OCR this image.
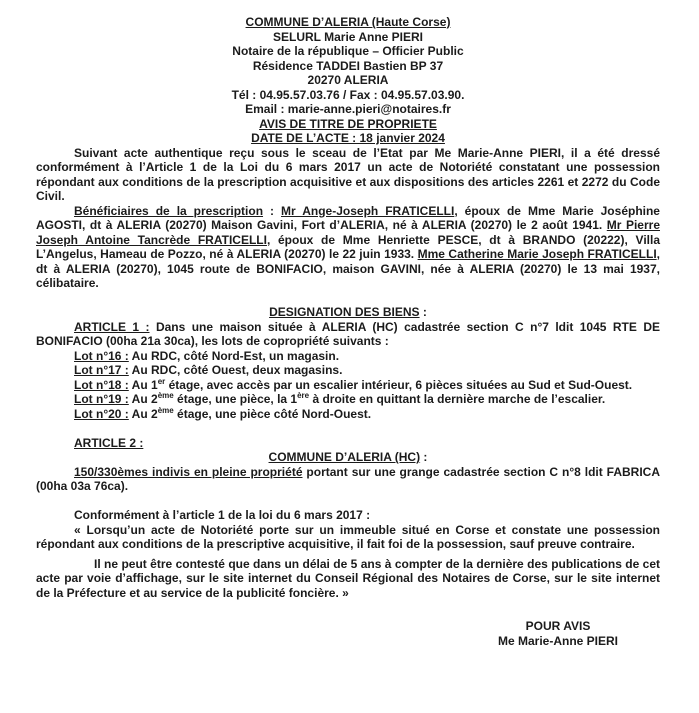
COMMUNE D’ALERIA (Haute Corse)
SELURL Marie Anne PIERI
Notaire de la république – Officier Public
Résidence TADDEI Bastien BP 37
20270 ALERIA
Tél : 04.95.57.03.76 / Fax : 04.95.57.03.90.
Email : marie-anne.pieri@notaires.fr
AVIS DE TITRE DE PROPRIETE
DATE DE L’ACTE : 18 janvier 2024

Suivant acte authentique reçu sous le sceau de l’Etat par Me Marie-Anne PIERI, il a été dressé conformément à l’Article 1 de la Loi du 6 mars 2017 un acte de Notoriété constatant une possession répondant aux conditions de la prescription acquisitive et aux dispositions des articles 2261 et 2272 du Code Civil.

Bénéficiaires de la prescription : Mr Ange-Joseph FRATICELLI, époux de Mme Marie Joséphine AGOSTI, dt à ALERIA (20270) Maison Gavini, Fort d’ALERIA, né à ALERIA (20270) le 2 août 1941. Mr Pierre Joseph Antoine Tancrède FRATICELLI, époux de Mme Henriette PESCE, dt à BRANDO (20222), Villa L’Angelus, Hameau de Pozzo, né à ALERIA (20270) le 22 juin 1933. Mme Catherine Marie Joseph FRATICELLI, dt à ALERIA (20270), 1045 route de BONIFACIO, maison GAVINI, née à ALERIA (20270) le 13 mai 1937, célibataire.

DESIGNATION DES BIENS :

ARTICLE 1 : Dans une maison située à ALERIA (HC) cadastrée section C n°7 ldit 1045 RTE DE BONIFACIO (00ha 21a 30ca), les lots de copropriété suivants :

Lot n°16 : Au RDC, côté Nord-Est, un magasin.

Lot n°17 : Au RDC, côté Ouest, deux magasins.

Lot n°18 : Au 1er étage, avec accès par un escalier intérieur, 6 pièces situées au Sud et Sud-Ouest.

Lot n°19 : Au 2ème étage, une pièce, la 1ère à droite en quittant la dernière marche de l’escalier.

Lot n°20 : Au 2ème étage, une pièce côté Nord-Ouest.

ARTICLE 2 :

COMMUNE D’ALERIA (HC) :

150/330èmes indivis en pleine propriété portant sur une grange cadastrée section C n°8 ldit FABRICA (00ha 03a 76ca).

Conformément à l’article 1 de la loi du 6 mars 2017 :

« Lorsqu’un acte de Notoriété porte sur un immeuble situé en Corse et constate une possession répondant aux conditions de la prescriptive acquisitive, il fait foi de la possession, sauf preuve contraire.

Il ne peut être contesté que dans un délai de 5 ans à compter de la dernière des publications de cet acte par voie d’affichage, sur le site internet du Conseil Régional des Notaires de Corse, sur le site internet de la Préfecture et au service de la publicité foncière. »

POUR AVIS
Me Marie-Anne PIERI
